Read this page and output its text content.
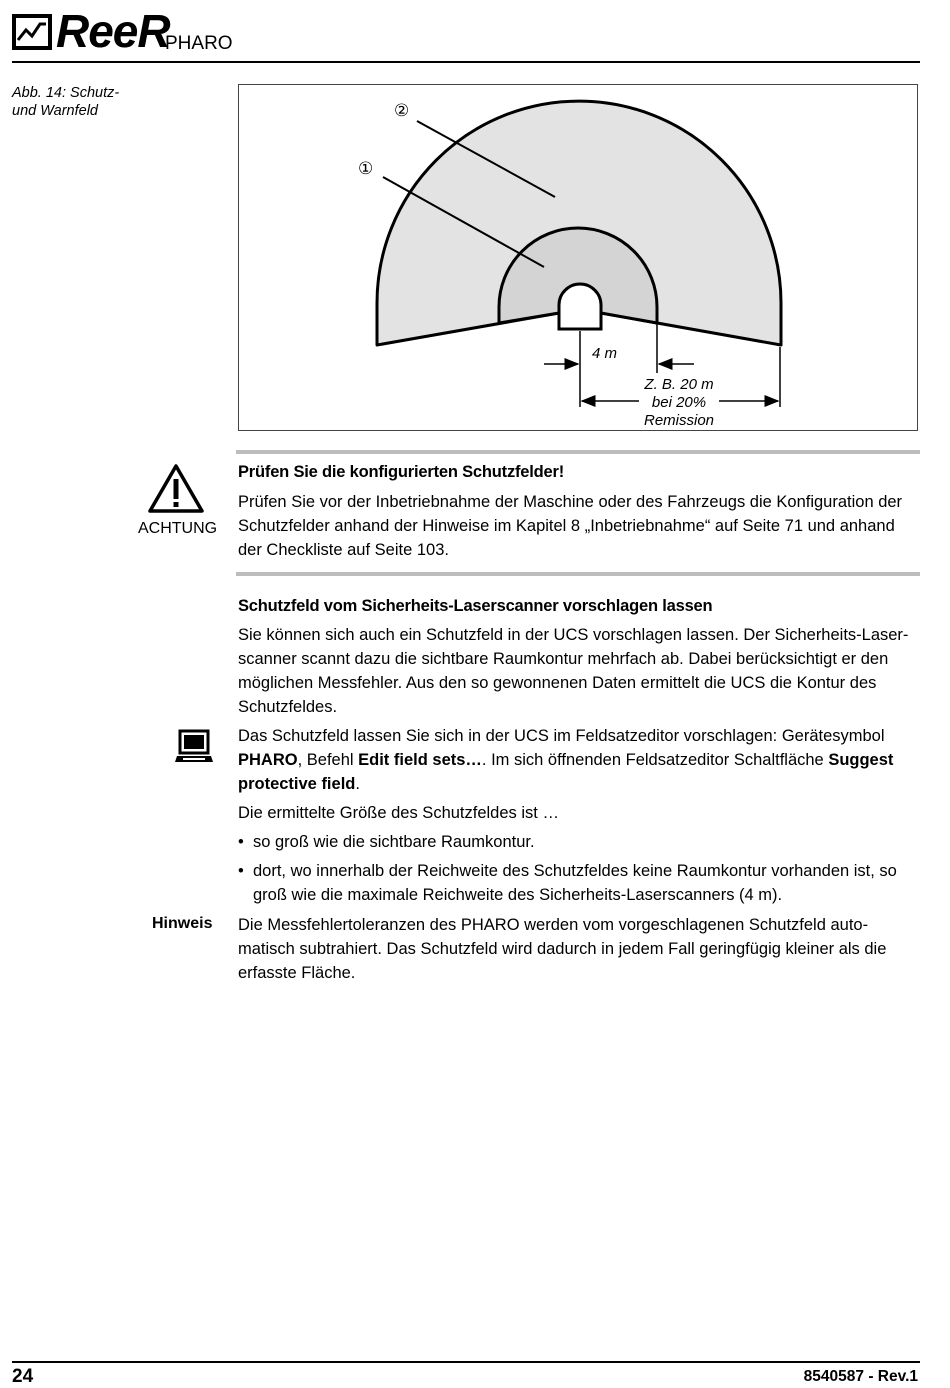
ReeR
PHARO
Abb. 14: Schutz- und Warnfeld	②
①
4 m
Z. B. 20 m
bei 20%
Remission
ACHTUNG
Prüfen Sie die konfigurierten Schutzfelder!
Prüfen Sie vor der Inbetriebnahme der Maschine oder des Fahrzeugs die Konfiguration der Schutzfelder anhand der Hinweise im Kapitel 8 „Inbetriebnahme“ auf Seite 71 und anhand der Checkliste auf Seite 103.
Schutzfeld vom Sicherheits-Laserscanner vorschlagen lassen
Sie können sich auch ein Schutzfeld in der UCS vorschlagen lassen. Der Sicherheits-Laser-scanner scannt dazu die sichtbare Raumkontur mehrfach ab. Dabei berücksichtigt er den möglichen Messfehler. Aus den so gewonnenen Daten ermittelt die UCS die Kontur des Schutzfeldes.
Das Schutzfeld lassen Sie sich in der UCS im Feldsatzeditor vorschlagen: Gerätesymbol PHARO, Befehl Edit field sets…. Im sich öffnenden Feldsatzeditor Schaltfläche Suggest protective field.
Die ermittelte Größe des Schutzfeldes ist …
• so groß wie die sichtbare Raumkontur.
• dort, wo innerhalb der Reichweite des Schutzfeldes keine Raumkontur vorhanden ist, so groß wie die maximale Reichweite des Sicherheits-Laserscanners (4 m).
Hinweis Die Messfehlertoleranzen des PHARO werden vom vorgeschlagenen Schutzfeld auto-matisch subtrahiert. Das Schutzfeld wird dadurch in jedem Fall geringfügig kleiner als die erfasste Fläche.
24	8540587 - Rev.1
